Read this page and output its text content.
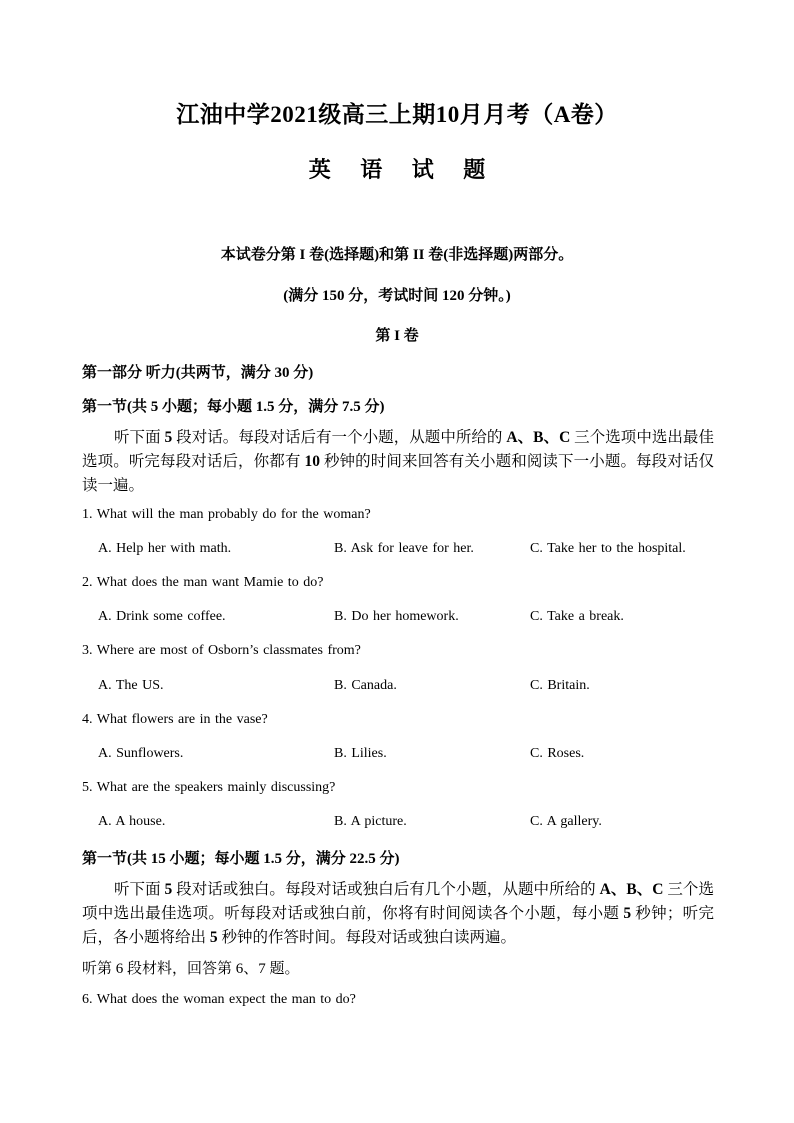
江油中学2021级高三上期10月月考（A卷）
英 语 试 题
本试卷分第 I 卷(选择题)和第 II 卷(非选择题)两部分。
(满分 150 分，考试时间 120 分钟。)
第 I 卷
第一部分 听力(共两节，满分 30 分)
第一节(共 5 小题；每小题 1.5 分，满分 7.5 分)
听下面 5 段对话。每段对话后有一个小题，从题中所给的 A、B、C 三个选项中选出最佳选项。听完每段对话后，你都有 10 秒钟的时间来回答有关小题和阅读下一小题。每段对话仅读一遍。
1. What will the man probably do for the woman?
A. Help her with math.	B. Ask for leave for her.	C. Take her to the hospital.
2. What does the man want Mamie to do?
A. Drink some coffee.	B. Do her homework.	C. Take a break.
3. Where are most of Osborn’s classmates from?
A. The US.	B. Canada.	C. Britain.
4. What flowers are in the vase?
A. Sunflowers.	B. Lilies.	C. Roses.
5. What are the speakers mainly discussing?
A. A house.	B. A picture.	C. A gallery.
第一节(共 15 小题；每小题 1.5 分，满分 22.5 分)
听下面 5 段对话或独白。每段对话或独白后有几个小题，从题中所给的 A、B、C 三个选项中选出最佳选项。听每段对话或独白前，你将有时间阅读各个小题，每小题 5 秒钟；听完后，各小题将给出 5 秒钟的作答时间。每段对话或独白读两遍。
听第 6 段材料，回答第 6、7 题。
6. What does the woman expect the man to do?
